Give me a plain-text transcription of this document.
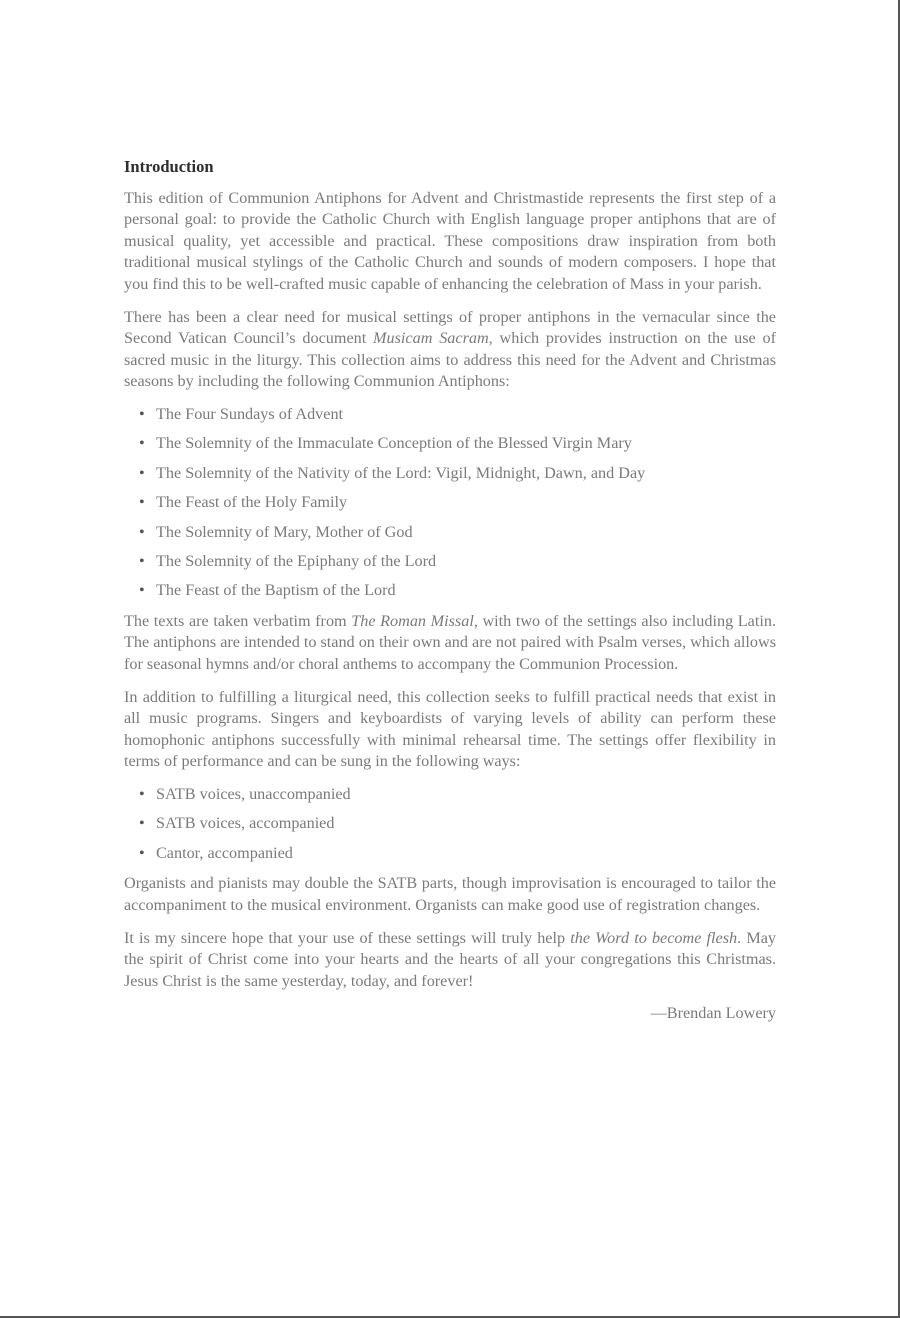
Introduction

This edition of Communion Antiphons for Advent and Christmastide represents the first step of a personal goal: to provide the Catholic Church with English language proper antiphons that are of musical quality, yet accessible and practical. These compositions draw inspiration from both traditional musical stylings of the Catholic Church and sounds of modern composers. I hope that you find this to be well-crafted music capable of enhancing the celebration of Mass in your parish.

There has been a clear need for musical settings of proper antiphons in the vernacular since the Second Vatican Council’s document Musicam Sacram, which provides instruction on the use of sacred music in the liturgy. This collection aims to address this need for the Advent and Christmas seasons by including the following Communion Antiphons:

• The Four Sundays of Advent
• The Solemnity of the Immaculate Conception of the Blessed Virgin Mary
• The Solemnity of the Nativity of the Lord: Vigil, Midnight, Dawn, and Day
• The Feast of the Holy Family
• The Solemnity of Mary, Mother of God
• The Solemnity of the Epiphany of the Lord
• The Feast of the Baptism of the Lord

The texts are taken verbatim from The Roman Missal, with two of the settings also including Latin. The antiphons are intended to stand on their own and are not paired with Psalm verses, which allows for seasonal hymns and/or choral anthems to accompany the Communion Procession.

In addition to fulfilling a liturgical need, this collection seeks to fulfill practical needs that exist in all music programs. Singers and keyboardists of varying levels of ability can perform these homophonic antiphons successfully with minimal rehearsal time. The settings offer flexibility in terms of performance and can be sung in the following ways:

• SATB voices, unaccompanied
• SATB voices, accompanied
• Cantor, accompanied

Organists and pianists may double the SATB parts, though improvisation is encouraged to tailor the accompaniment to the musical environment. Organists can make good use of registration changes.

It is my sincere hope that your use of these settings will truly help the Word to become flesh. May the spirit of Christ come into your hearts and the hearts of all your congregations this Christmas. Jesus Christ is the same yesterday, today, and forever!

—Brendan Lowery
